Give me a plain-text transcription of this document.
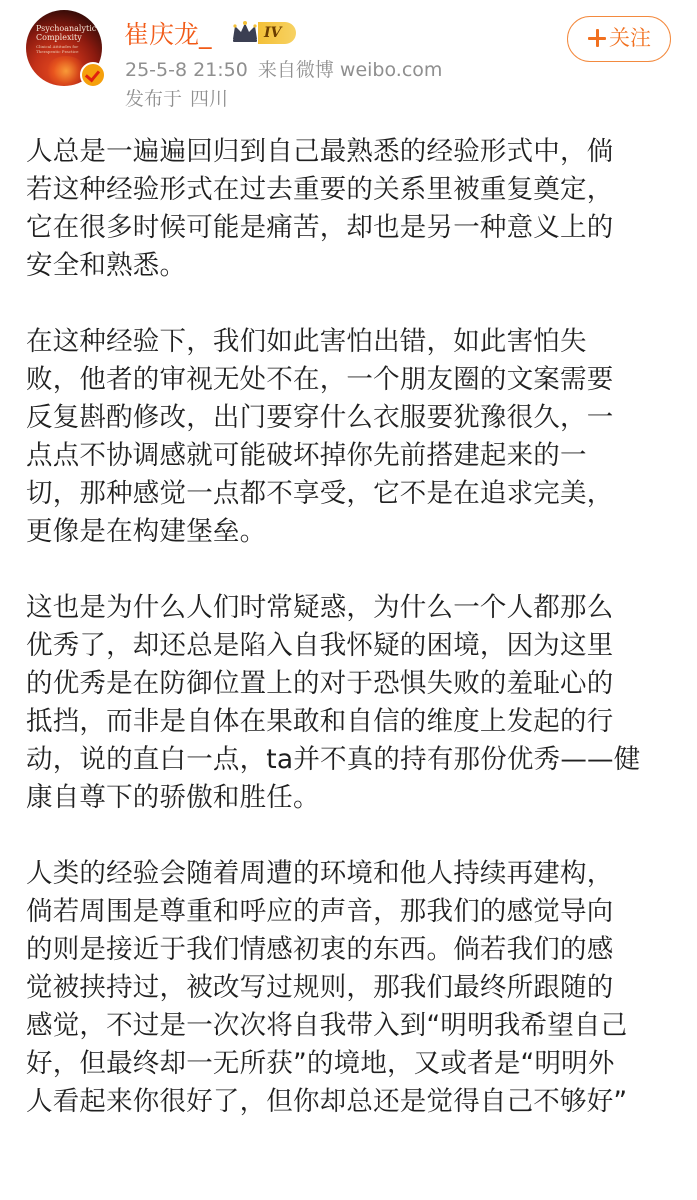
Psychoanalytic Complexity
Clinical Attitudes for Therapeutic Practice
崔庆龙_	IV
25-5-8 21:50 来自微博 weibo.com
发布于 四川
关注
人总是一遍遍回归到自己最熟悉的经验形式中，倘
若这种经验形式在过去重要的关系里被重复奠定，
它在很多时候可能是痛苦，却也是另一种意义上的
安全和熟悉。
在这种经验下，我们如此害怕出错，如此害怕失
败，他者的审视无处不在，一个朋友圈的文案需要
反复斟酌修改，出门要穿什么衣服要犹豫很久，一
点点不协调感就可能破坏掉你先前搭建起来的一
切，那种感觉一点都不享受，它不是在追求完美，
更像是在构建堡垒。
这也是为什么人们时常疑惑，为什么一个人都那么
优秀了，却还总是陷入自我怀疑的困境，因为这里
的优秀是在防御位置上的对于恐惧失败的羞耻心的
抵挡，而非是自体在果敢和自信的维度上发起的行
动，说的直白一点，ta并不真的持有那份优秀——健
康自尊下的骄傲和胜任。
人类的经验会随着周遭的环境和他人持续再建构，
倘若周围是尊重和呼应的声音，那我们的感觉导向
的则是接近于我们情感初衷的东西。倘若我们的感
觉被挟持过，被改写过规则，那我们最终所跟随的
感觉，不过是一次次将自我带入到“明明我希望自己
好，但最终却一无所获”的境地，又或者是“明明外
人看起来你很好了，但你却总还是觉得自己不够好”
